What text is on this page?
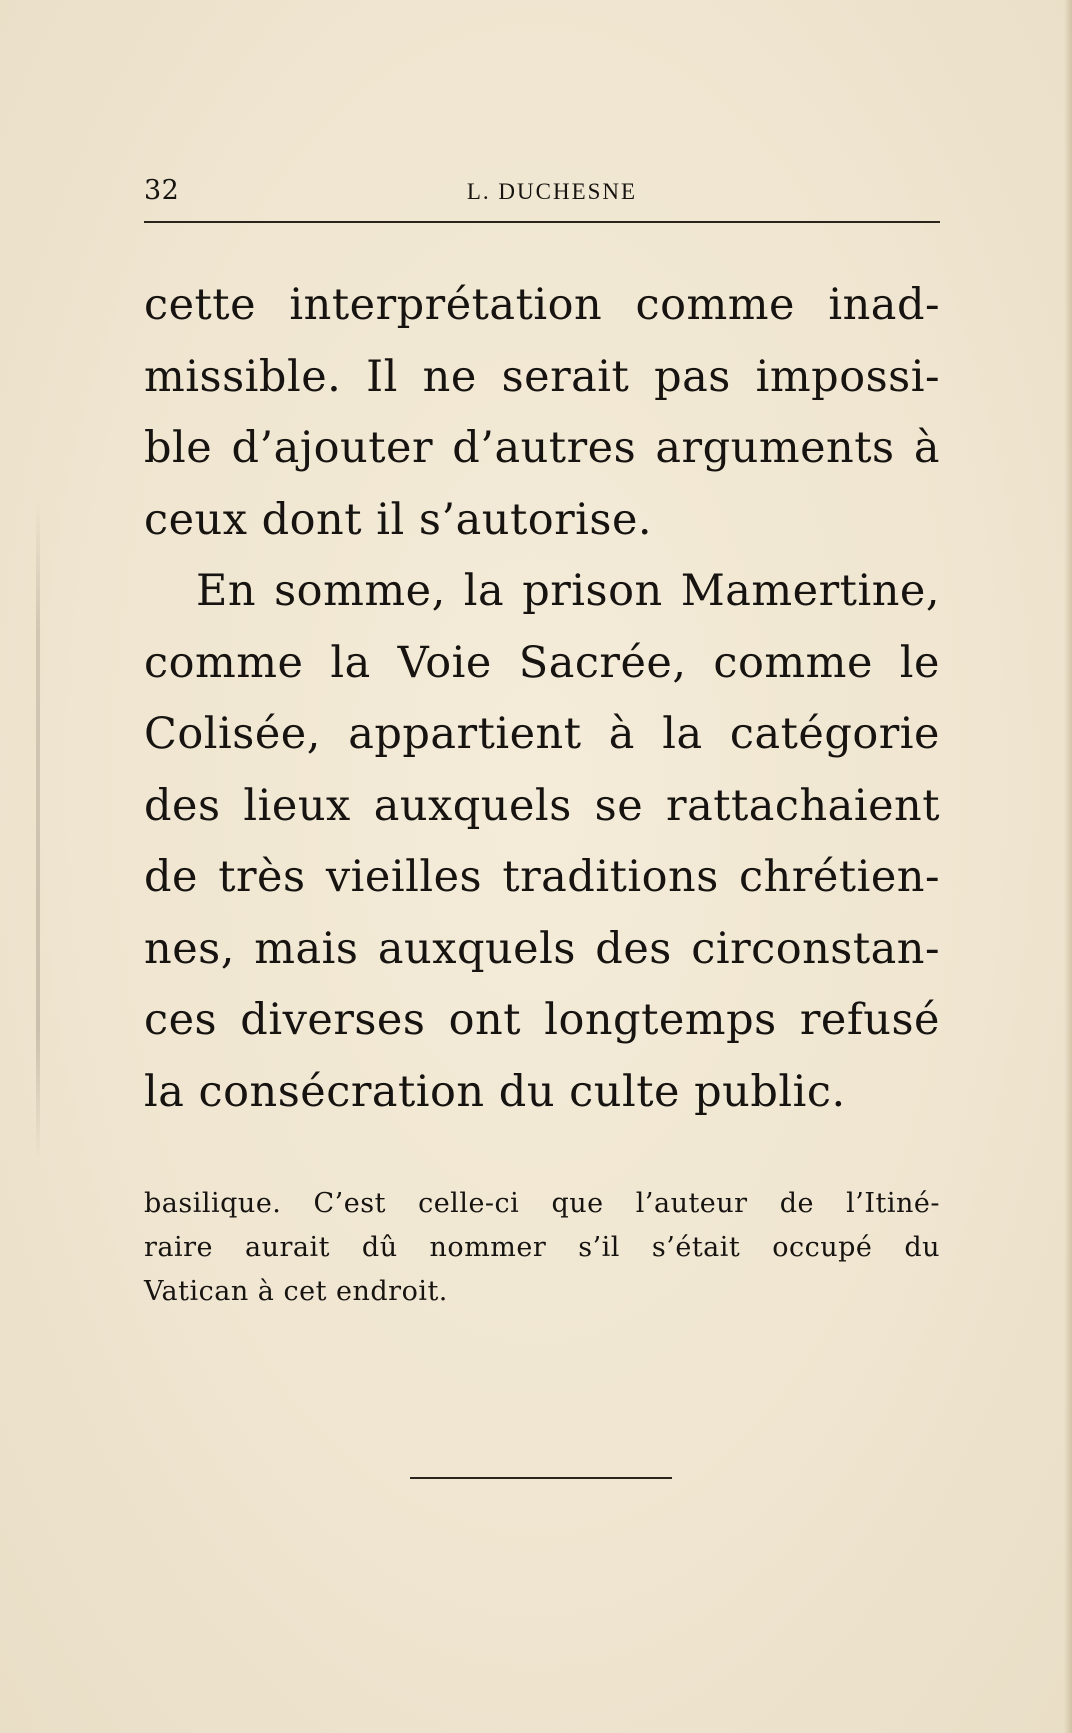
32	L. DUCHESNE
cette interprétation comme inad-
missible. Il ne serait pas impossi-
ble d’ajouter d’autres arguments à
ceux dont il s’autorise.
En somme, la prison Mamertine,
comme la Voie Sacrée, comme le
Colisée, appartient à la catégorie
des lieux auxquels se rattachaient
de très vieilles traditions chrétien-
nes, mais auxquels des circonstan-
ces diverses ont longtemps refusé
la consécration du culte public.
basilique. C’est celle-ci que l’auteur de l’Itiné-
raire aurait dû nommer s’il s’était occupé du
Vatican à cet endroit.
